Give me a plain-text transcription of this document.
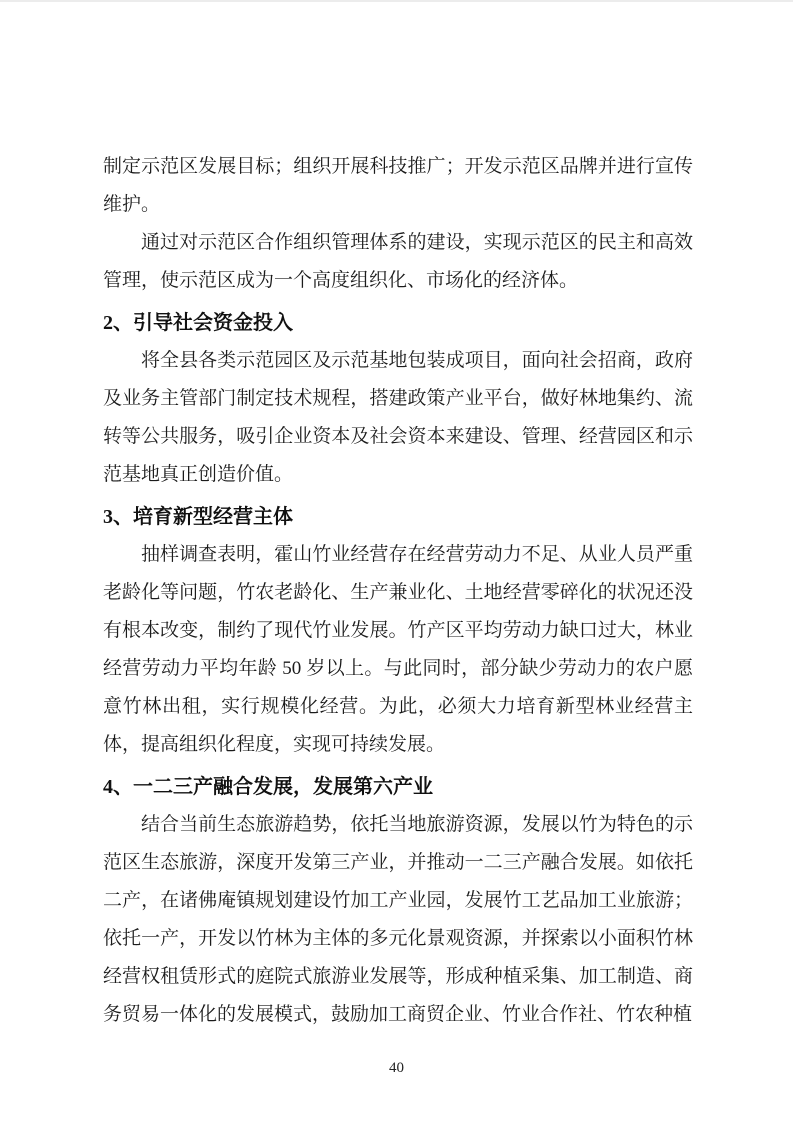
制定示范区发展目标；组织开展科技推广；开发示范区品牌并进行宣传维护。

通过对示范区合作组织管理体系的建设，实现示范区的民主和高效管理，使示范区成为一个高度组织化、市场化的经济体。

2、引导社会资金投入

将全县各类示范园区及示范基地包装成项目，面向社会招商，政府及业务主管部门制定技术规程，搭建政策产业平台，做好林地集约、流转等公共服务，吸引企业资本及社会资本来建设、管理、经营园区和示范基地真正创造价值。

3、培育新型经营主体

抽样调查表明，霍山竹业经营存在经营劳动力不足、从业人员严重老龄化等问题，竹农老龄化、生产兼业化、土地经营零碎化的状况还没有根本改变，制约了现代竹业发展。竹产区平均劳动力缺口过大，林业经营劳动力平均年龄 50 岁以上。与此同时，部分缺少劳动力的农户愿意竹林出租，实行规模化经营。为此，必须大力培育新型林业经营主体，提高组织化程度，实现可持续发展。

4、一二三产融合发展，发展第六产业

结合当前生态旅游趋势，依托当地旅游资源，发展以竹为特色的示范区生态旅游，深度开发第三产业，并推动一二三产融合发展。如依托二产，在诸佛庵镇规划建设竹加工产业园，发展竹工艺品加工业旅游；依托一产，开发以竹林为主体的多元化景观资源，并探索以小面积竹林经营权租赁形式的庭院式旅游业发展等，形成种植采集、加工制造、商务贸易一体化的发展模式，鼓励加工商贸企业、竹业合作社、竹农种植

40
